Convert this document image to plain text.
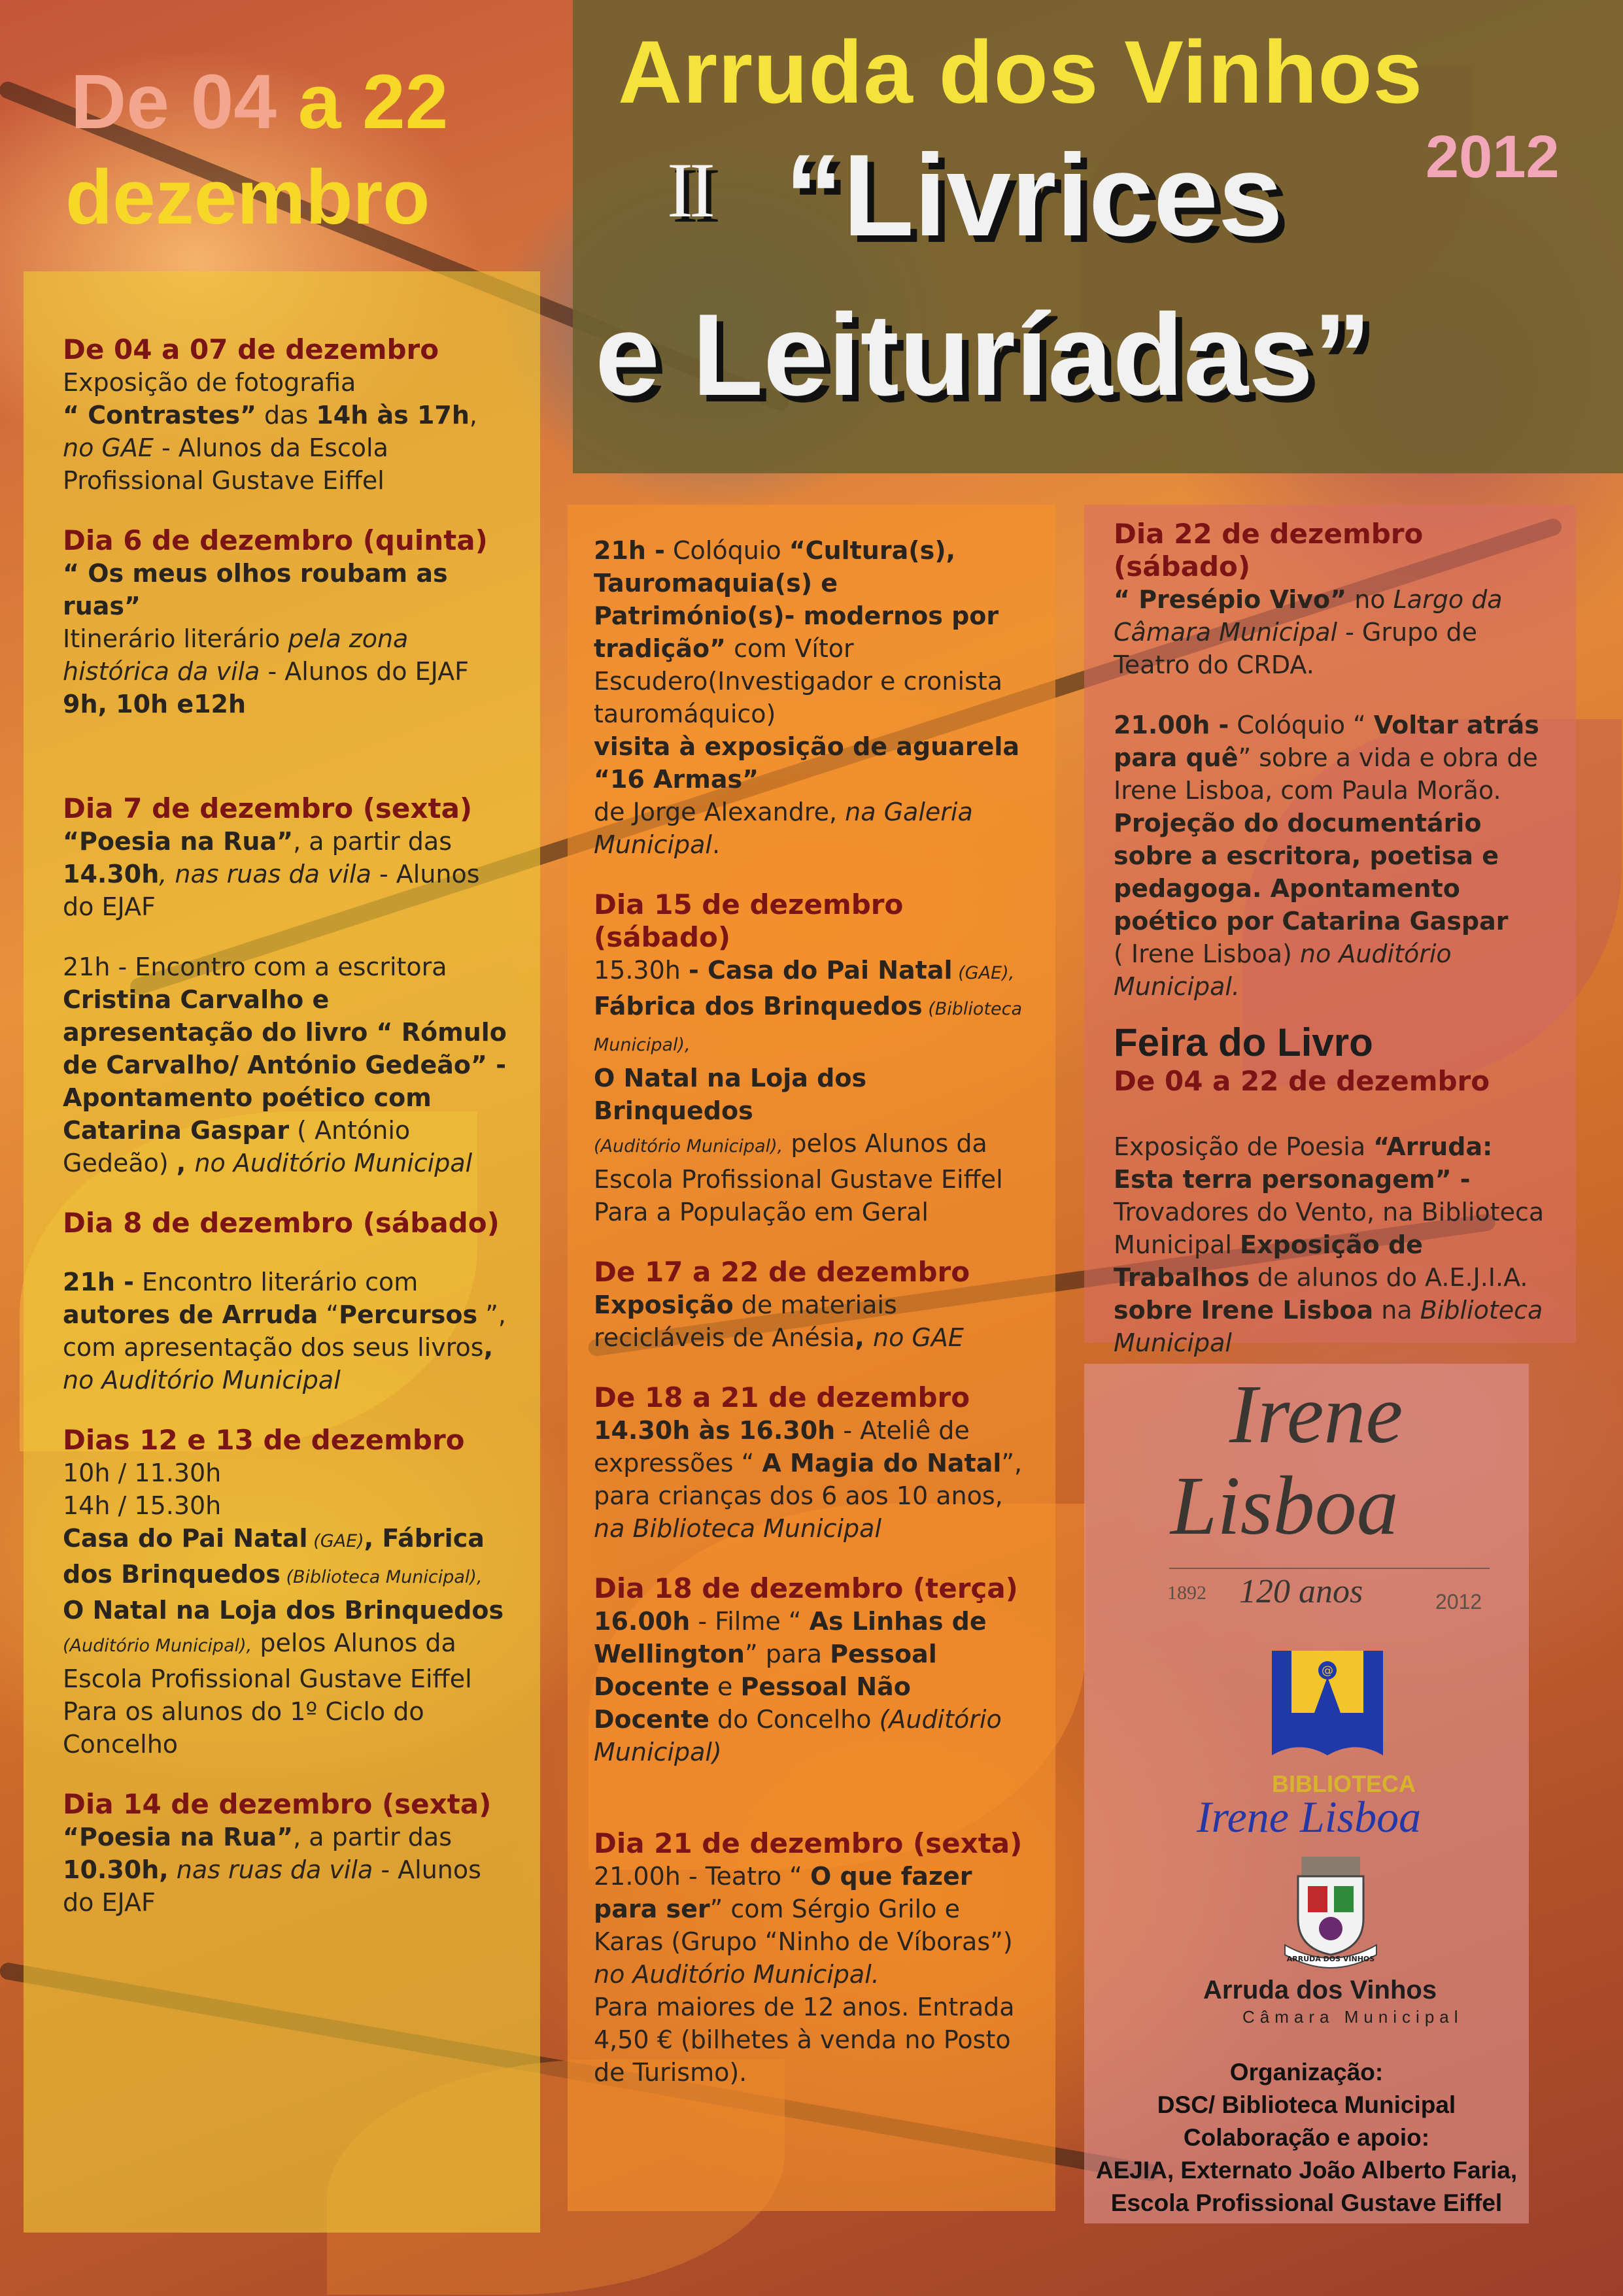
De 04 a 22
dezembro
Arruda dos Vinhos
2012
II “Livrices
e Leituríadas”
De 04 a 07 de dezembro
Exposição de fotografia
“ Contrastes” das 14h às 17h, no GAE - Alunos da Escola Profissional Gustave Eiffel
Dia 6 de dezembro (quinta)
“ Os meus olhos roubam as ruas”
Itinerário literário pela zona histórica da vila - Alunos do EJAF
9h, 10h e12h
Dia 7 de dezembro (sexta)
“Poesia na Rua”, a partir das 14.30h, nas ruas da vila - Alunos do EJAF
21h - Encontro com a escritora Cristina Carvalho e apresentação do livro “ Rómulo de Carvalho/ António Gedeão” - Apontamento poético com Catarina Gaspar ( António Gedeão) , no Auditório Municipal
Dia 8 de dezembro (sábado)
21h - Encontro literário com autores de Arruda “Percursos ”, com apresentação dos seus livros,
no Auditório Municipal
Dias 12 e 13 de dezembro
10h / 11.30h
14h / 15.30h
Casa do Pai Natal (GAE), Fábrica dos Brinquedos (Biblioteca Municipal),
O Natal na Loja dos Brinquedos
(Auditório Municipal), pelos Alunos da Escola Profissional Gustave Eiffel Para os alunos do 1º Ciclo do Concelho
Dia 14 de dezembro (sexta)
“Poesia na Rua”, a partir das 10.30h, nas ruas da vila - Alunos do EJAF
21h - Colóquio “Cultura(s), Tauromaquia(s) e Património(s)- modernos por tradição” com Vítor Escudero(Investigador e cronista tauromáquico)
visita à exposição de aguarela “16 Armas”
de Jorge Alexandre, na Galeria Municipal.
Dia 15 de dezembro (sábado)
15.30h - Casa do Pai Natal (GAE), Fábrica dos Brinquedos (Biblioteca Municipal),
O Natal na Loja dos Brinquedos
(Auditório Municipal), pelos Alunos da Escola Profissional Gustave Eiffel Para a População em Geral
De 17 a 22 de dezembro
Exposição de materiais recicláveis de Anésia, no GAE
De 18 a 21 de dezembro
14.30h às 16.30h - Ateliê de expressões “ A Magia do Natal”, para crianças dos 6 aos 10 anos, na Biblioteca Municipal
Dia 18 de dezembro (terça)
16.00h - Filme “ As Linhas de Wellington” para Pessoal Docente e Pessoal Não Docente do Concelho (Auditório Municipal)
Dia 21 de dezembro (sexta)
21.00h - Teatro “ O que fazer para ser” com Sérgio Grilo e Karas (Grupo “Ninho de Víboras”) no Auditório Municipal.
Para maiores de 12 anos. Entrada 4,50 € (bilhetes à venda no Posto de Turismo).
Dia 22 de dezembro (sábado)
“ Presépio Vivo” no Largo da Câmara Municipal - Grupo de Teatro do CRDA.
21.00h - Colóquio “ Voltar atrás para quê” sobre a vida e obra de Irene Lisboa, com Paula Morão.
Projeção do documentário sobre a escritora, poetisa e pedagoga. Apontamento poético por Catarina Gaspar
( Irene Lisboa) no Auditório Municipal.
Feira do Livro
De 04 a 22 de dezembro
Exposição de Poesia “Arruda: Esta terra personagem” - Trovadores do Vento, na Biblioteca Municipal Exposição de Trabalhos de alunos do A.E.J.I.A. sobre Irene Lisboa na Biblioteca Municipal
Irene
Lisboa
1892 120 anos	2012
@
BIBLIOTECA
Irene Lisboa
ARRUDA DOS VINHOS
Arruda dos Vinhos
Câmara Municipal
Organização:
DSC/ Biblioteca Municipal
Colaboração e apoio:
AEJIA, Externato João Alberto Faria,
Escola Profissional Gustave Eiffel
